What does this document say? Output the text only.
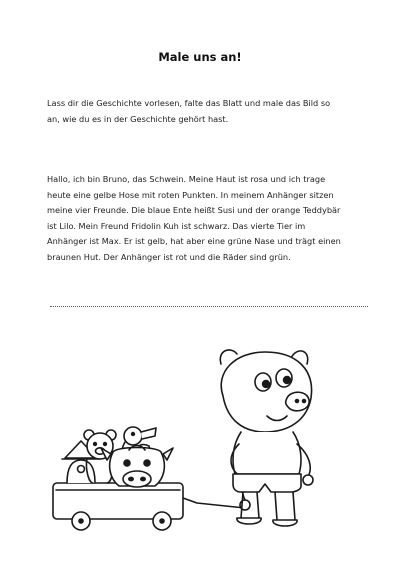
Male uns an!
Lass dir die Geschichte vorlesen, falte das Blatt und male das Bild so
an, wie du es in der Geschichte gehört hast.
Hallo, ich bin Bruno, das Schwein. Meine Haut ist rosa und ich trage
heute eine gelbe Hose mit roten Punkten. In meinem Anhänger sitzen
meine vier Freunde. Die blaue Ente heißt Susi und der orange Teddybär
ist Lilo. Mein Freund Fridolin Kuh ist schwarz. Das vierte Tier im
Anhänger ist Max. Er ist gelb, hat aber eine grüne Nase und trägt einen
braunen Hut. Der Anhänger ist rot und die Räder sind grün.
